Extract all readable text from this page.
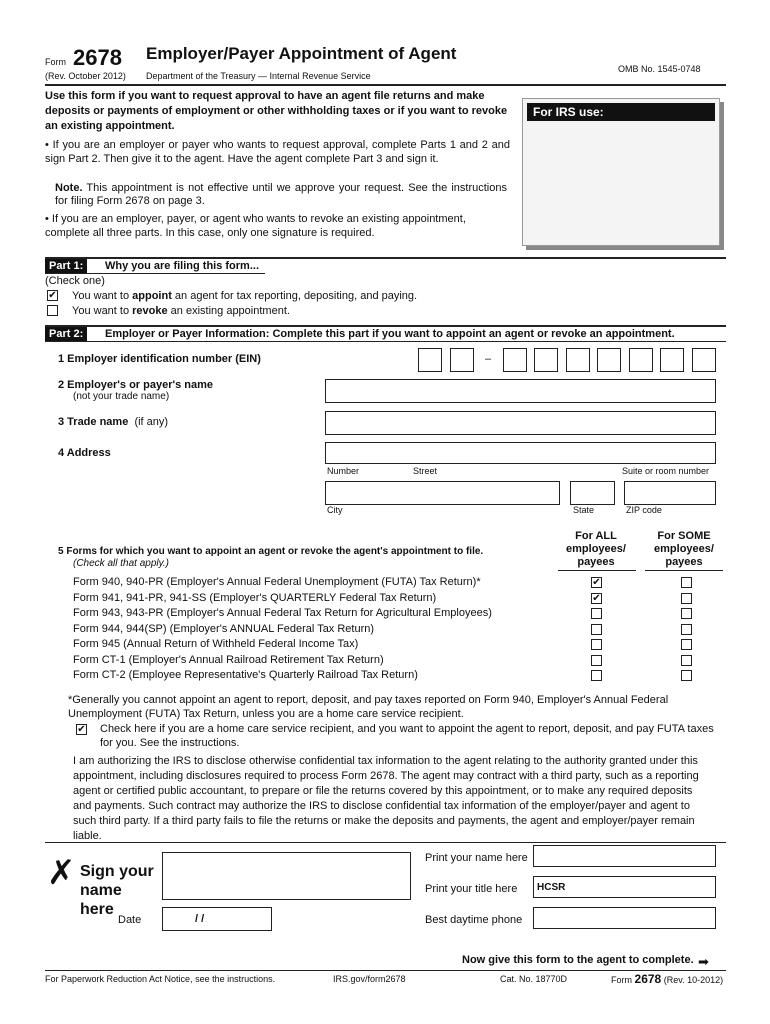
Form 2678
(Rev. October 2012)
Employer/Payer Appointment of Agent
Department of the Treasury — Internal Revenue Service
OMB No. 1545-0748
Use this form if you want to request approval to have an agent file returns and make deposits or payments of employment or other withholding taxes or if you want to revoke an existing appointment.
• If you are an employer or payer who wants to request approval, complete Parts 1 and 2 and sign Part 2. Then give it to the agent. Have the agent complete Part 3 and sign it.
Note. This appointment is not effective until we approve your request. See the instructions for filing Form 2678 on page 3.
• If you are an employer, payer, or agent who wants to revoke an existing appointment, complete all three parts. In this case, only one signature is required.
For IRS use:
Part 1:	Why you are filing this form...
(Check one)
✔ You want to appoint an agent for tax reporting, depositing, and paying.
You want to revoke an existing appointment.
Part 2:	Employer or Payer Information: Complete this part if you want to appoint an agent or revoke an appointment.
1 Employer identification number (EIN)	–
2 Employer's or payer's name
(not your trade name)
3 Trade name (if any)
4 Address
Number	Street	Suite or room number
City	State	ZIP code
For ALL employees/ payees
For SOME employees/ payees
5 Forms for which you want to appoint an agent or revoke the agent's appointment to file.
(Check all that apply.)
Form 940, 940-PR (Employer's Annual Federal Unemployment (FUTA) Tax Return)*	✔
Form 941, 941-PR, 941-SS (Employer's QUARTERLY Federal Tax Return)	✔
Form 943, 943-PR (Employer's Annual Federal Tax Return for Agricultural Employees)
Form 944, 944(SP) (Employer's ANNUAL Federal Tax Return)
Form 945 (Annual Return of Withheld Federal Income Tax)
Form CT-1 (Employer's Annual Railroad Retirement Tax Return)
Form CT-2 (Employee Representative's Quarterly Railroad Tax Return)
*Generally you cannot appoint an agent to report, deposit, and pay taxes reported on Form 940, Employer's Annual Federal Unemployment (FUTA) Tax Return, unless you are a home care service recipient.
✔ Check here if you are a home care service recipient, and you want to appoint the agent to report, deposit, and pay FUTA taxes for you. See the instructions.
I am authorizing the IRS to disclose otherwise confidential tax information to the agent relating to the authority granted under this appointment, including disclosures required to process Form 2678. The agent may contract with a third party, such as a reporting agent or certified public accountant, to prepare or file the returns covered by this appointment, or to make any required deposits and payments. Such contract may authorize the IRS to disclose confidential tax information of the employer/payer and agent to such third party. If a third party fails to file the returns or make the deposits and payments, the agent and employer/payer remain liable.
✗ Sign your name here
Date	/ /
Print your name here
Print your title here	HCSR
Best daytime phone
Now give this form to the agent to complete. ➡
For Paperwork Reduction Act Notice, see the instructions.	IRS.gov/form2678	Cat. No. 18770D	Form 2678 (Rev. 10-2012)
